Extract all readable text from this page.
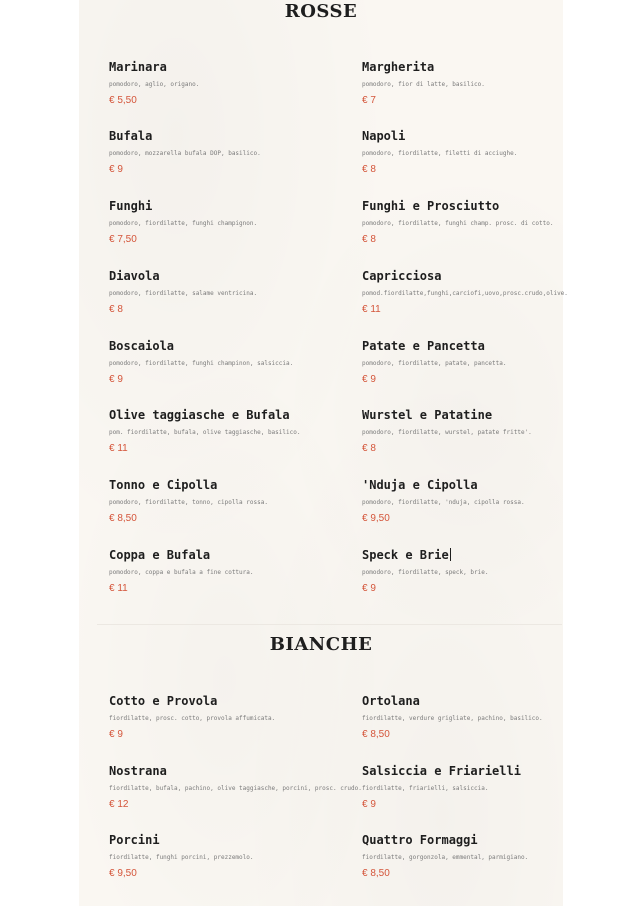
ROSSE
Marinara
pomodoro, aglio, origano.
€ 5,50
Bufala
pomodoro, mozzarella bufala DOP, basilico.
€ 9
Funghi
pomodoro, fiordilatte, funghi champignon.
€ 7,50
Diavola
pomodoro, fiordilatte, salame ventricina.
€ 8
Boscaiola
pomodoro, fiordilatte, funghi champinon, salsiccia.
€ 9
Olive taggiasche e Bufala
pom. fiordilatte, bufala, olive taggiasche, basilico.
€ 11
Tonno e Cipolla
pomodoro, fiordilatte, tonno, cipolla rossa.
€ 8,50
Coppa e Bufala
pomodoro, coppa e bufala a fine cottura.
€ 11
Margherita
pomodoro, fior di latte, basilico.
€ 7
Napoli
pomodoro, fiordilatte, filetti di acciughe.
€ 8
Funghi e Prosciutto
pomodoro, fiordilatte, funghi champ. prosc. di cotto.
€ 8
Capricciosa
pomod.fiordilatte,funghi,carciofi,uovo,prosc.crudo,olive.
€ 11
Patate e Pancetta
pomodoro, fiordilatte, patate, pancetta.
€ 9
Wurstel e Patatine
pomodoro, fiordilatte, wurstel, patate fritte'.
€ 8
'Nduja e Cipolla
pomodoro, fiordilatte, 'nduja, cipolla rossa.
€ 9,50
Speck e Brie
pomodoro, fiordilatte, speck, brie.
€ 9
BIANCHE
Cotto e Provola
fiordilatte, prosc. cotto, provola affumicata.
€ 9
Nostrana
fiordilatte, bufala, pachino, olive taggiasche, porcini, prosc. crudo.
€ 12
Porcini
fiordilatte, funghi porcini, prezzemolo.
€ 9,50
Ortolana
fiordilatte, verdure grigliate, pachino, basilico.
€ 8,50
Salsiccia e Friarielli
fiordilatte, friarielli, salsiccia.
€ 9
Quattro Formaggi
fiordilatte, gorgonzola, emmental, parmigiano.
€ 8,50
